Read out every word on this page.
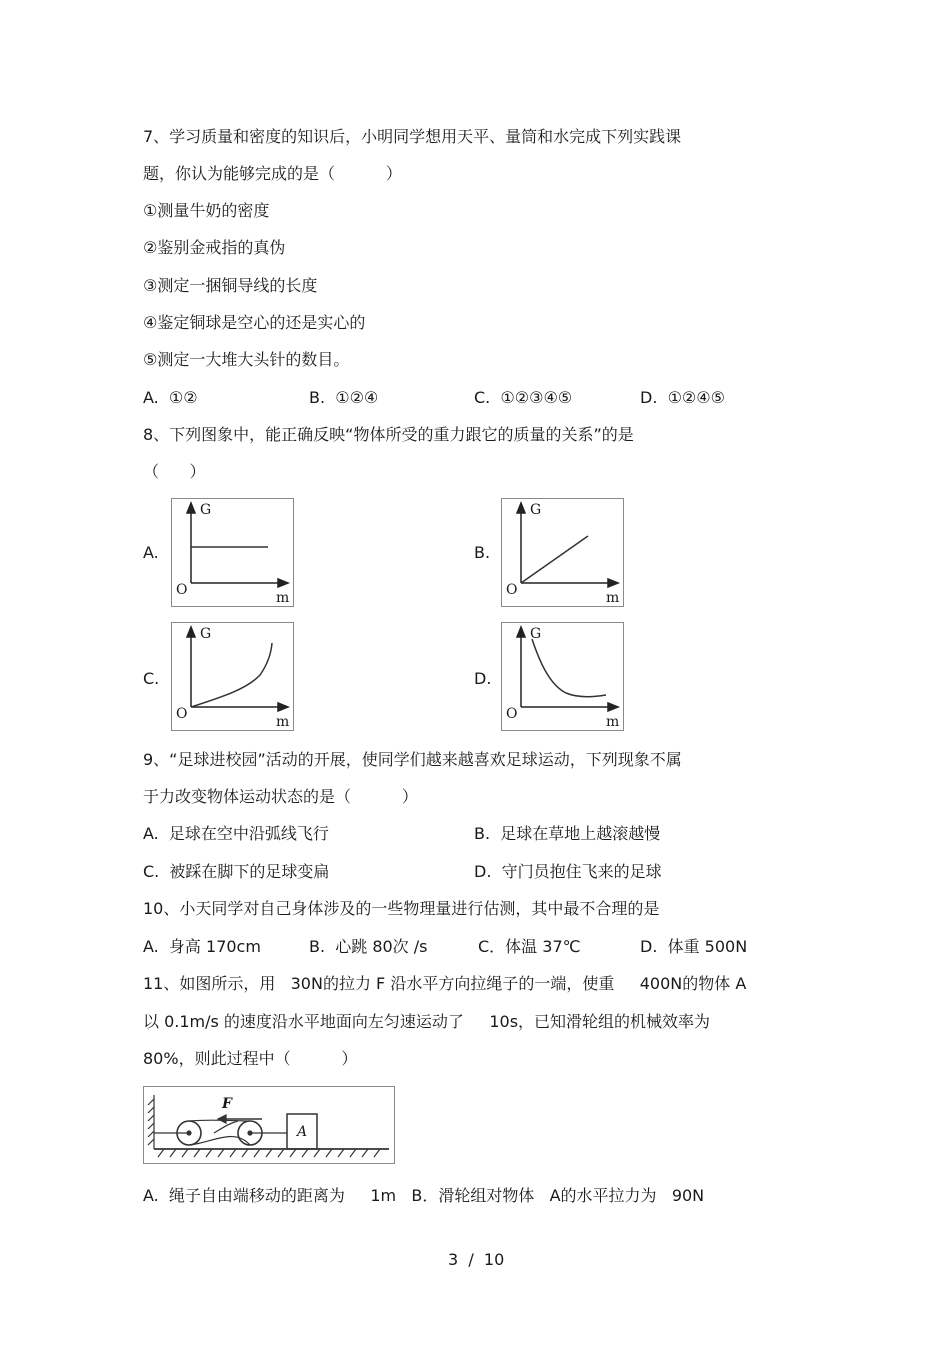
7、学习质量和密度的知识后，小明同学想用天平、量筒和水完成下列实践课
题，你认为能够完成的是（          ）
①测量牛奶的密度
②鉴别金戒指的真伪
③测定一捆铜导线的长度
④鉴定铜球是空心的还是实心的
⑤测定一大堆大头针的数目。
A.  ①②	B.  ①②④	C.  ①②③④⑤	D.  ①②④⑤
8、下列图象中，能正确反映“物体所受的重力跟它的质量的关系”的是
（      ）
A.
G
O	m
B.
G
O	m
C.
G
O	m
D.
G
O	m
9、“足球进校园”活动的开展，使同学们越来越喜欢足球运动，下列现象不属
于力改变物体运动状态的是（          ）
A.  足球在空中沿弧线飞行	B.  足球在草地上越滚越慢
C.  被踩在脚下的足球变扁	D.  守门员抱住飞来的足球
10、小天同学对自己身体涉及的一些物理量进行估测，其中最不合理的是
A.  身高 170cm	B.  心跳 80次 /s	C．体温 37℃	D.  体重 500N
11、如图所示，用   30N的拉力 F 沿水平方向拉绳子的一端，使重     400N的物体 A
以 0.1m/s 的速度沿水平地面向左匀速运动了     10s，已知滑轮组的机械效率为
80%，则此过程中（          ）
F
A
A.  绳子自由端移动的距离为     1m   B．滑轮组对物体   A的水平拉力为   90N
3  /  10
